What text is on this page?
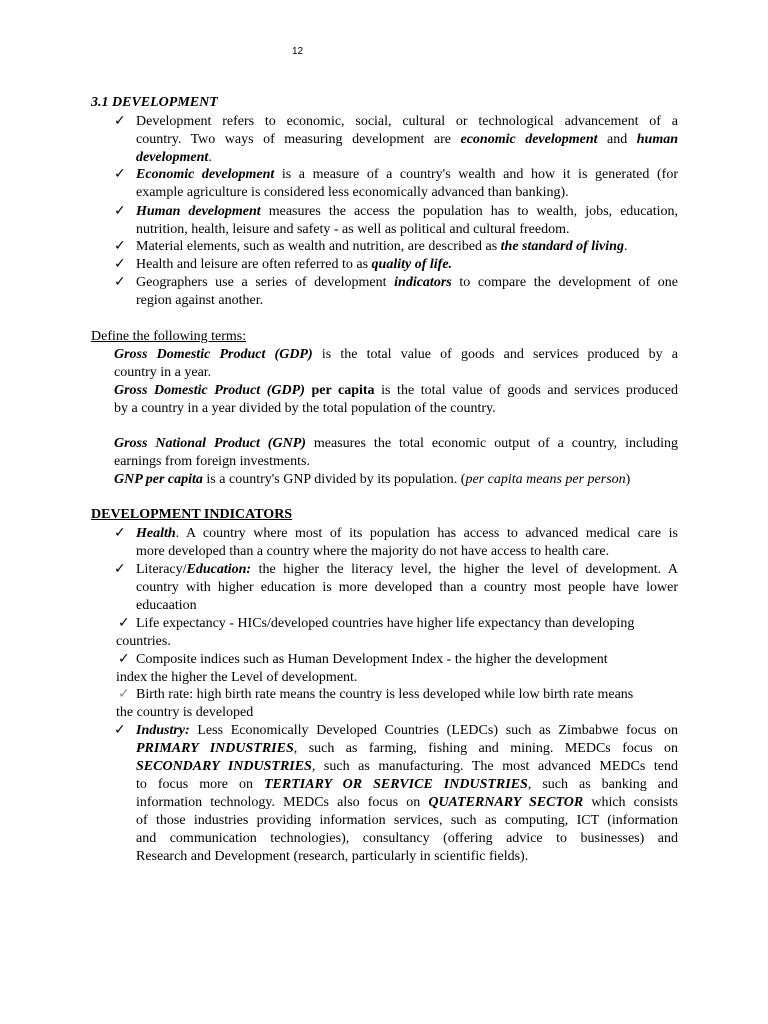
12
3.1 DEVELOPMENT
✓ Development refers to economic, social, cultural or technological advancement of a
country. Two ways of measuring development are economic development and human
development.
✓ Economic development is a measure of a country's wealth and how it is generated (for
example agriculture is considered less economically advanced than banking).
✓ Human development measures the access the population has to wealth, jobs, education,
nutrition, health, leisure and safety - as well as political and cultural freedom.
✓ Material elements, such as wealth and nutrition, are described as the standard of living.
✓ Health and leisure are often referred to as quality of life.
✓ Geographers use a series of development indicators to compare the development of one
region against another.
Define the following terms:
Gross Domestic Product (GDP) is the total value of goods and services produced by a
country in a year.
Gross Domestic Product (GDP) per capita is the total value of goods and services produced
by a country in a year divided by the total population of the country.
Gross National Product (GNP) measures the total economic output of a country, including
earnings from foreign investments.
GNP per capita is a country's GNP divided by its population. (per capita means per person)
DEVELOPMENT INDICATORS
✓ Health. A country where most of its population has access to advanced medical care is
more developed than a country where the majority do not have access to health care.
✓ Literacy/Education: the higher the literacy level, the higher the level of development. A
country with higher education is more developed than a country most people have lower
educaation
✓ Life expectancy - HICs/developed countries have higher life expectancy than developing
countries.
✓ Composite indices such as Human Development Index - the higher the development
index the higher the Level of development.
✓ Birth rate: high birth rate means the country is less developed while low birth rate means
the country is developed
✓ Industry: Less Economically Developed Countries (LEDCs) such as Zimbabwe focus on
PRIMARY INDUSTRIES, such as farming, fishing and mining. MEDCs focus on
SECONDARY INDUSTRIES, such as manufacturing. The most advanced MEDCs tend
to focus more on TERTIARY OR SERVICE INDUSTRIES, such as banking and
information technology. MEDCs also focus on QUATERNARY SECTOR which consists
of those industries providing information services, such as computing, ICT (information
and communication technologies), consultancy (offering advice to businesses) and
Research and Development (research, particularly in scientific fields).
